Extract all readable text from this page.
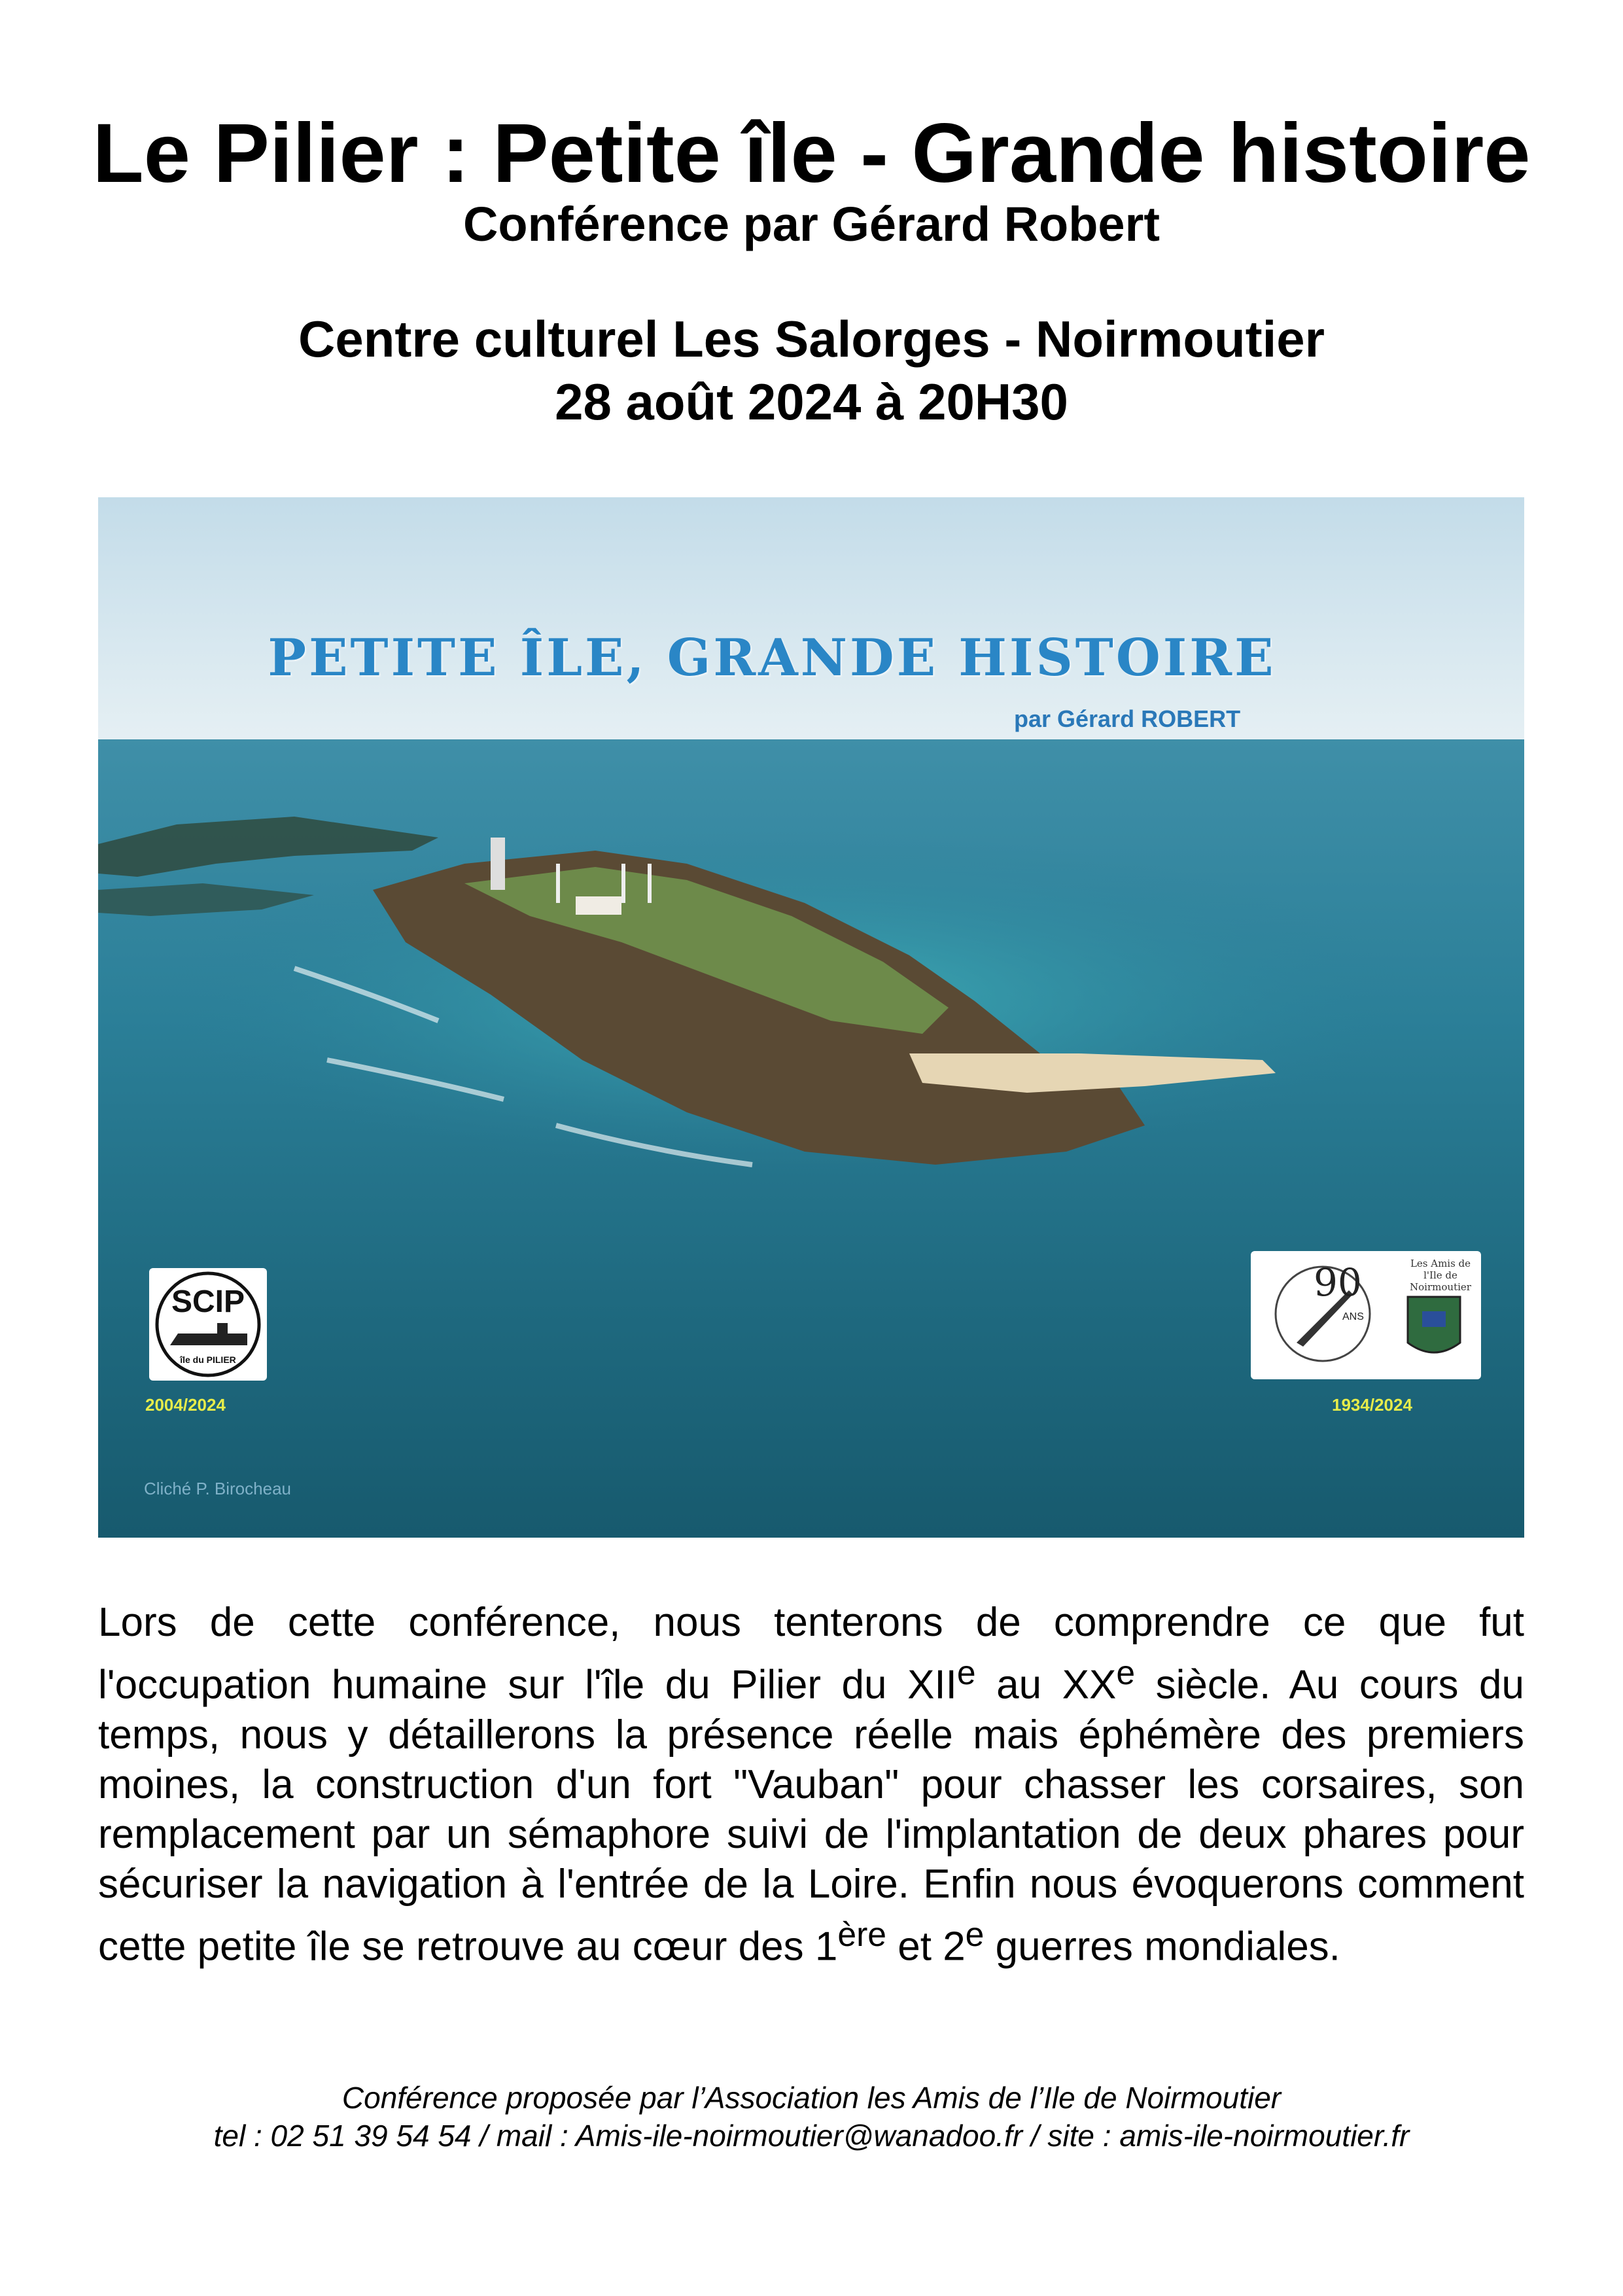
Le Pilier : Petite île - Grande histoire
Conférence par Gérard Robert
Centre culturel Les Salorges - Noirmoutier
28 août 2024 à 20H30
PETITE ÎLE, GRANDE HISTOIRE
par Gérard ROBERT
SCIP
île du PILIER
90
ANS
Les Amis de l'Ile de Noirmoutier
2004/2024	1934/2024
Cliché P. Birocheau
Lors de cette conférence, nous tenterons de comprendre ce que fut l'occupation humaine sur l'île du Pilier du XIIe au XXe siècle. Au cours du temps, nous y détaillerons la présence réelle mais éphémère des premiers moines, la construction d'un fort "Vauban" pour chasser les corsaires, son remplacement par un sémaphore suivi de l'implantation de deux phares pour sécuriser la navigation à l'entrée de la Loire. Enfin nous évoquerons comment cette petite île se retrouve au cœur des 1ère et 2e guerres mondiales.
Conférence proposée par l’Association les Amis de l’Ile de Noirmoutier
tel : 02 51 39 54 54 / mail : Amis-ile-noirmoutier@wanadoo.fr / site : amis-ile-noirmoutier.fr
